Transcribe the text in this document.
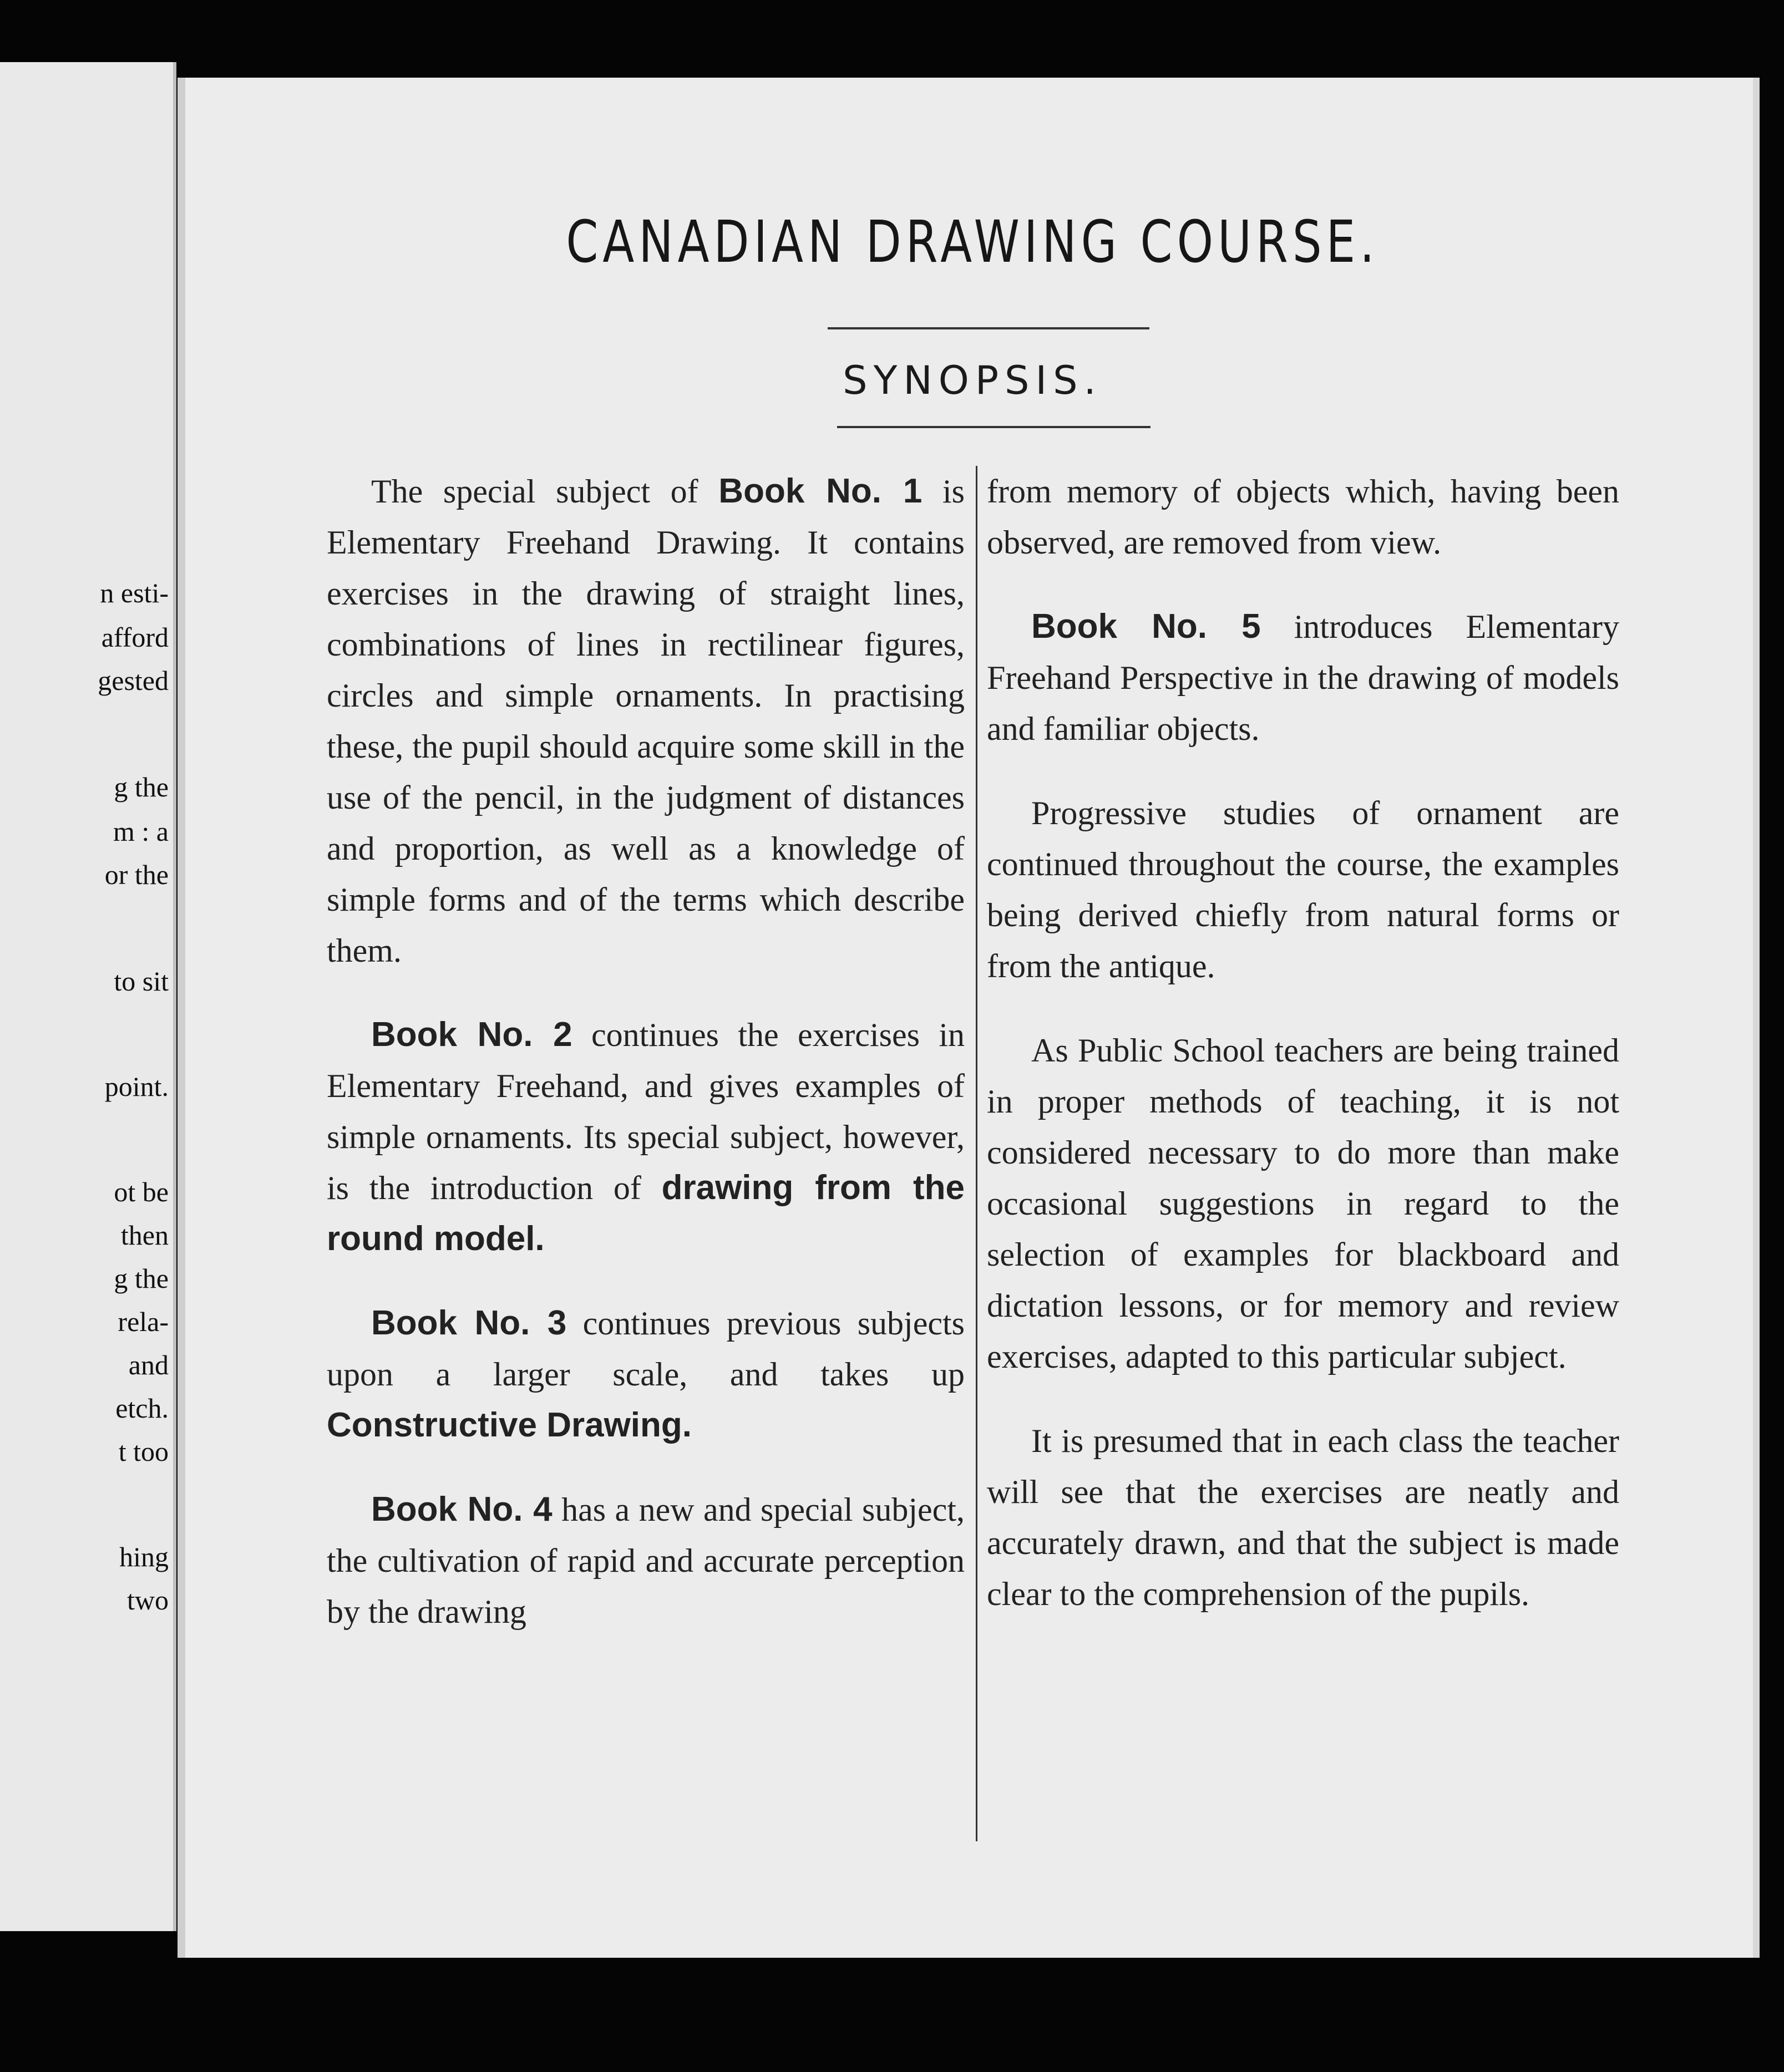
n esti-
afford
gested
g the
m : a
or the
to sit
point.
ot be
then
g the
rela-
and
etch.
t too
hing
two
CANADIAN DRAWING COURSE.
SYNOPSIS.

The special subject of Book No. 1 is Elementary Freehand Drawing. It contains exercises in the drawing of straight lines, combinations of lines in rectilinear figures, circles and simple ornaments. In practising these, the pupil should acquire some skill in the use of the pencil, in the judgment of distances and proportion, as well as a knowledge of simple forms and of the terms which describe them.

Book No. 2 continues the exercises in Elementary Freehand, and gives examples of simple ornaments. Its special subject, however, is the introduction of drawing from the round model.

Book No. 3 continues previous subjects upon a larger scale, and takes up Constructive Drawing.

Book No. 4 has a new and special subject, the cultivation of rapid and accurate perception by the drawing

from memory of objects which, having been observed, are removed from view.

Book No. 5 introduces Elementary Freehand Perspective in the drawing of models and familiar objects.

Progressive studies of ornament are continued throughout the course, the examples being derived chiefly from natural forms or from the antique.

As Public School teachers are being trained in proper methods of teaching, it is not considered necessary to do more than make occasional suggestions in regard to the selection of examples for blackboard and dictation lessons, or for memory and review exercises, adapted to this particular subject.

It is presumed that in each class the teacher will see that the exercises are neatly and accurately drawn, and that the subject is made clear to the comprehension of the pupils.
